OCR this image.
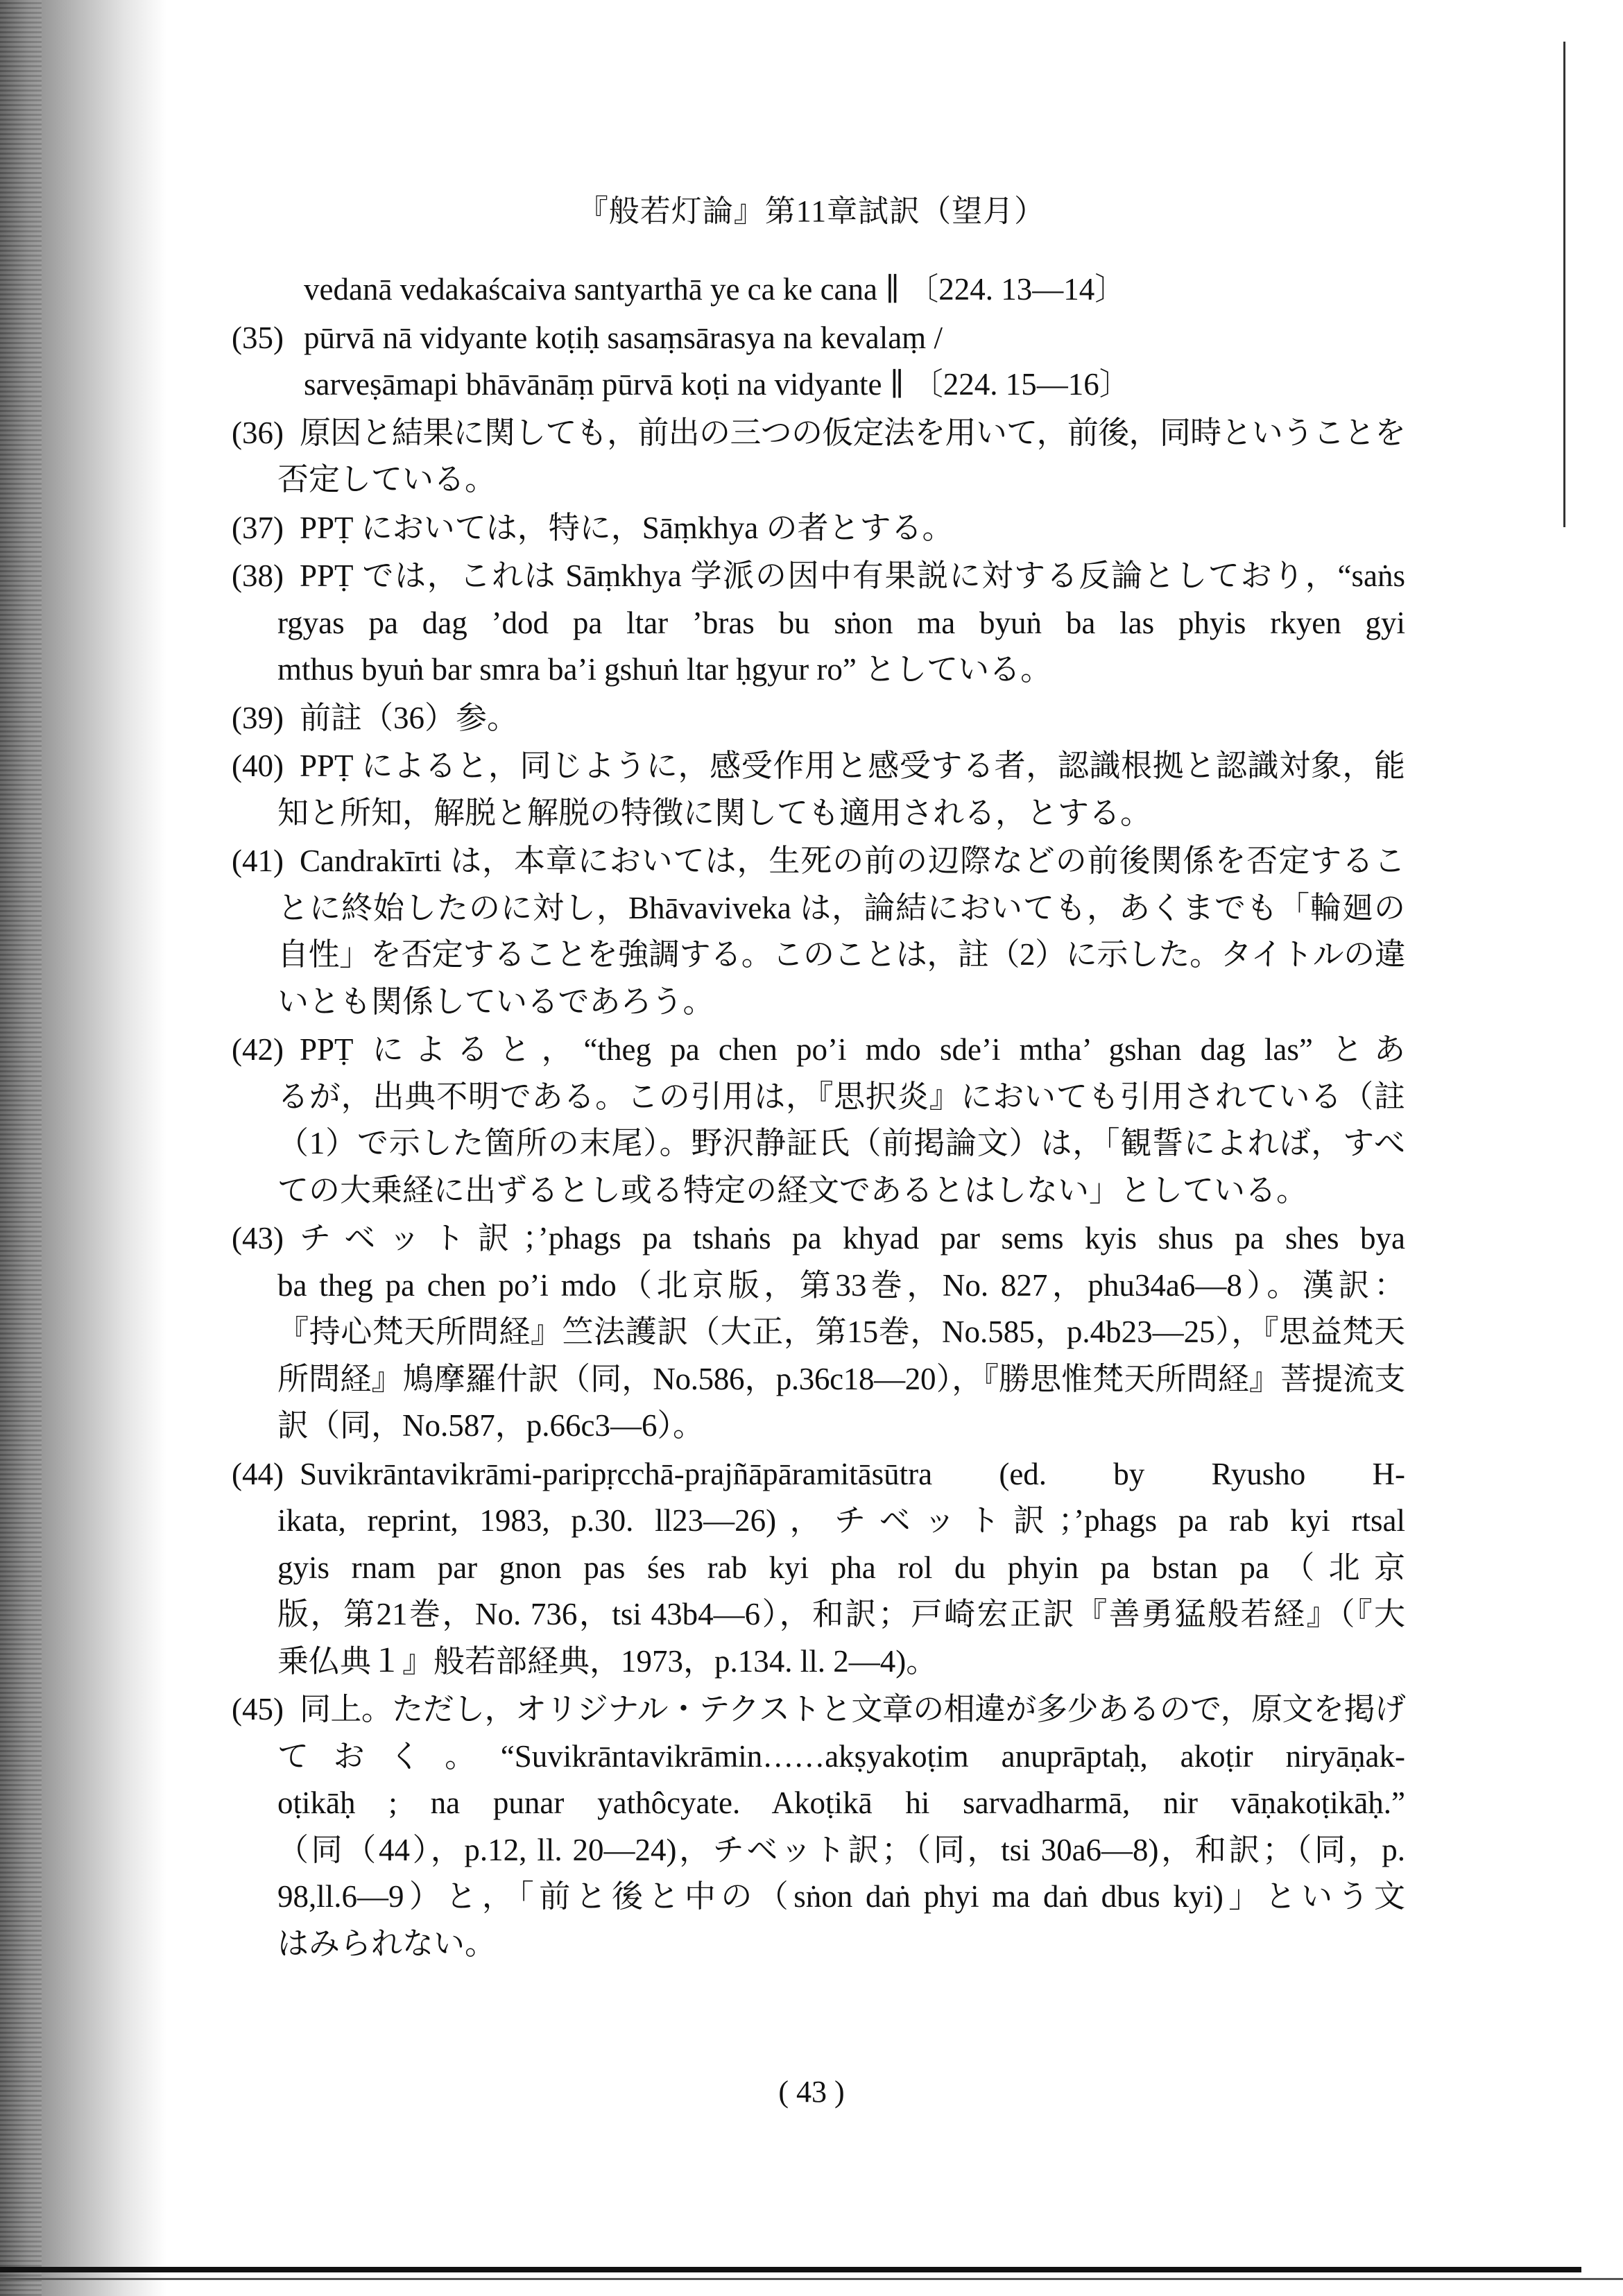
『般若灯論』第11章試訳（望月）
vedanā vedakaścaiva santyarthā ye ca ke cana ∥ 〔224. 13—14〕
(35) pūrvā nā vidyante koṭiḥ sasaṃsārasya na kevalaṃ /
sarveṣāmapi bhāvānāṃ pūrvā koṭi na vidyante ∥ 〔224. 15—16〕
(36) 原因と結果に関しても，前出の三つの仮定法を用いて，前後，同時ということを
否定している。
(37) PPṬ においては，特に，Sāṃkhya の者とする。
(38) PPṬ では，これは Sāṃkhya 学派の因中有果説に対する反論としており，“saṅs
rgyas pa dag ’dod pa ltar ’bras bu sṅon ma byuṅ ba las phyis rkyen gyi
mthus byuṅ bar smra ba’i gshuṅ ltar ḥgyur ro” としている。
(39) 前註（36）参。
(40) PPṬ によると，同じように，感受作用と感受する者，認識根拠と認識対象，能
知と所知，解脱と解脱の特徴に関しても適用される，とする。
(41) Candrakīrti は，本章においては，生死の前の辺際などの前後関係を否定するこ
とに終始したのに対し，Bhāvaviveka は，論結においても，あくまでも「輪廻の
自性」を否定することを強調する。このことは，註（2）に示した。タイトルの違
いとも関係しているであろう。
(42) PPṬ によると，“theg pa chen po’i mdo sde’i mtha’ gshan dag las” とあ
るが，出典不明である。この引用は，『思択炎』においても引用されている（註
（1）で示した箇所の末尾）。野沢静証氏（前掲論文）は，「観誓によれば，すべ
ての大乗経に出ずるとし或る特定の経文であるとはしない」としている。
(43) チベット訳；’phags pa tshaṅs pa khyad par sems kyis shus pa shes bya
ba theg pa chen po’i mdo（北京版，第33巻，No. 827，phu34a6—8）。漢訳：
『持心梵天所問経』竺法護訳（大正，第15巻，No.585，p.4b23—25），『思益梵天
所問経』鳩摩羅什訳（同，No.586，p.36c18—20），『勝思惟梵天所問経』菩提流支
訳（同，No.587，p.66c3—6）。
(44) Suvikrāntavikrāmi-paripṛcchā-prajñāpāramitāsūtra (ed. by Ryusho H-
ikata, reprint, 1983, p.30. ll23—26)，チベット訳；’phags pa rab kyi rtsal
gyis rnam par gnon pas śes rab kyi pha rol du phyin pa bstan pa（北京
版，第21巻，No. 736，tsi 43b4—6），和訳；戸崎宏正訳『善勇猛般若経』（『大
乗仏典１』般若部経典，1973，p.134. ll. 2—4)。
(45) 同上。ただし，オリジナル・テクストと文章の相違が多少あるので，原文を掲げ
ておく。“Suvikrāntavikrāmin……akṣyakoṭim anuprāptaḥ, akoṭir niryāṇak-
oṭikāḥ ; na punar yathôcyate. Akoṭikā hi sarvadharmā, nir vāṇakoṭikāḥ.”
（同（44），p.12, ll. 20—24)，チベット訳；（同，tsi 30a6—8)，和訳；（同，p.
98,ll.6—9）と，「前と後と中の（sṅon daṅ phyi ma daṅ dbus kyi)」という文
はみられない。
( 43 )
